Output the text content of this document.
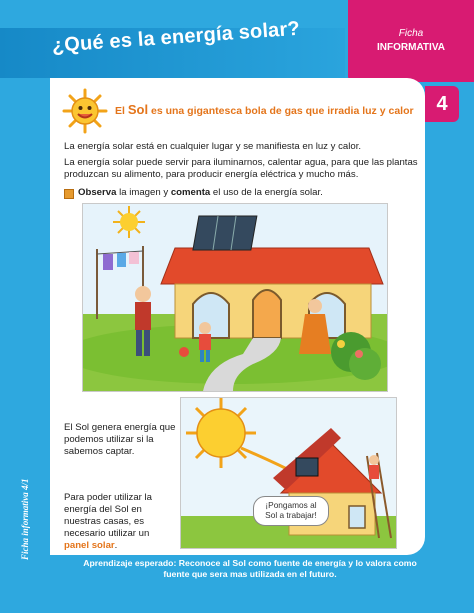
¿Qué es la energía solar?	Ficha
INFORMATIVA
4
El Sol es una gigantesca bola de gas que irradia luz y calor
La energía solar está en cualquier lugar y se manifiesta en luz y calor.
La energía solar puede servir para iluminarnos, calentar agua, para que las plantas produzcan su alimento, para producir energía eléctrica y mucho más.
Observa la imagen y comenta el uso de la energía solar.
El Sol genera energía que podemos utilizar si la sabemos captar.
Para poder utilizar la energía del Sol en nuestras casas, es necesario utilizar un panel solar.
¡Pongamos al
Sol a trabajar!
Ficha informativa 4/1
Aprendizaje esperado: Reconoce al Sol como fuente de energía y lo valora como fuente que sera mas utilizada en el futuro.
